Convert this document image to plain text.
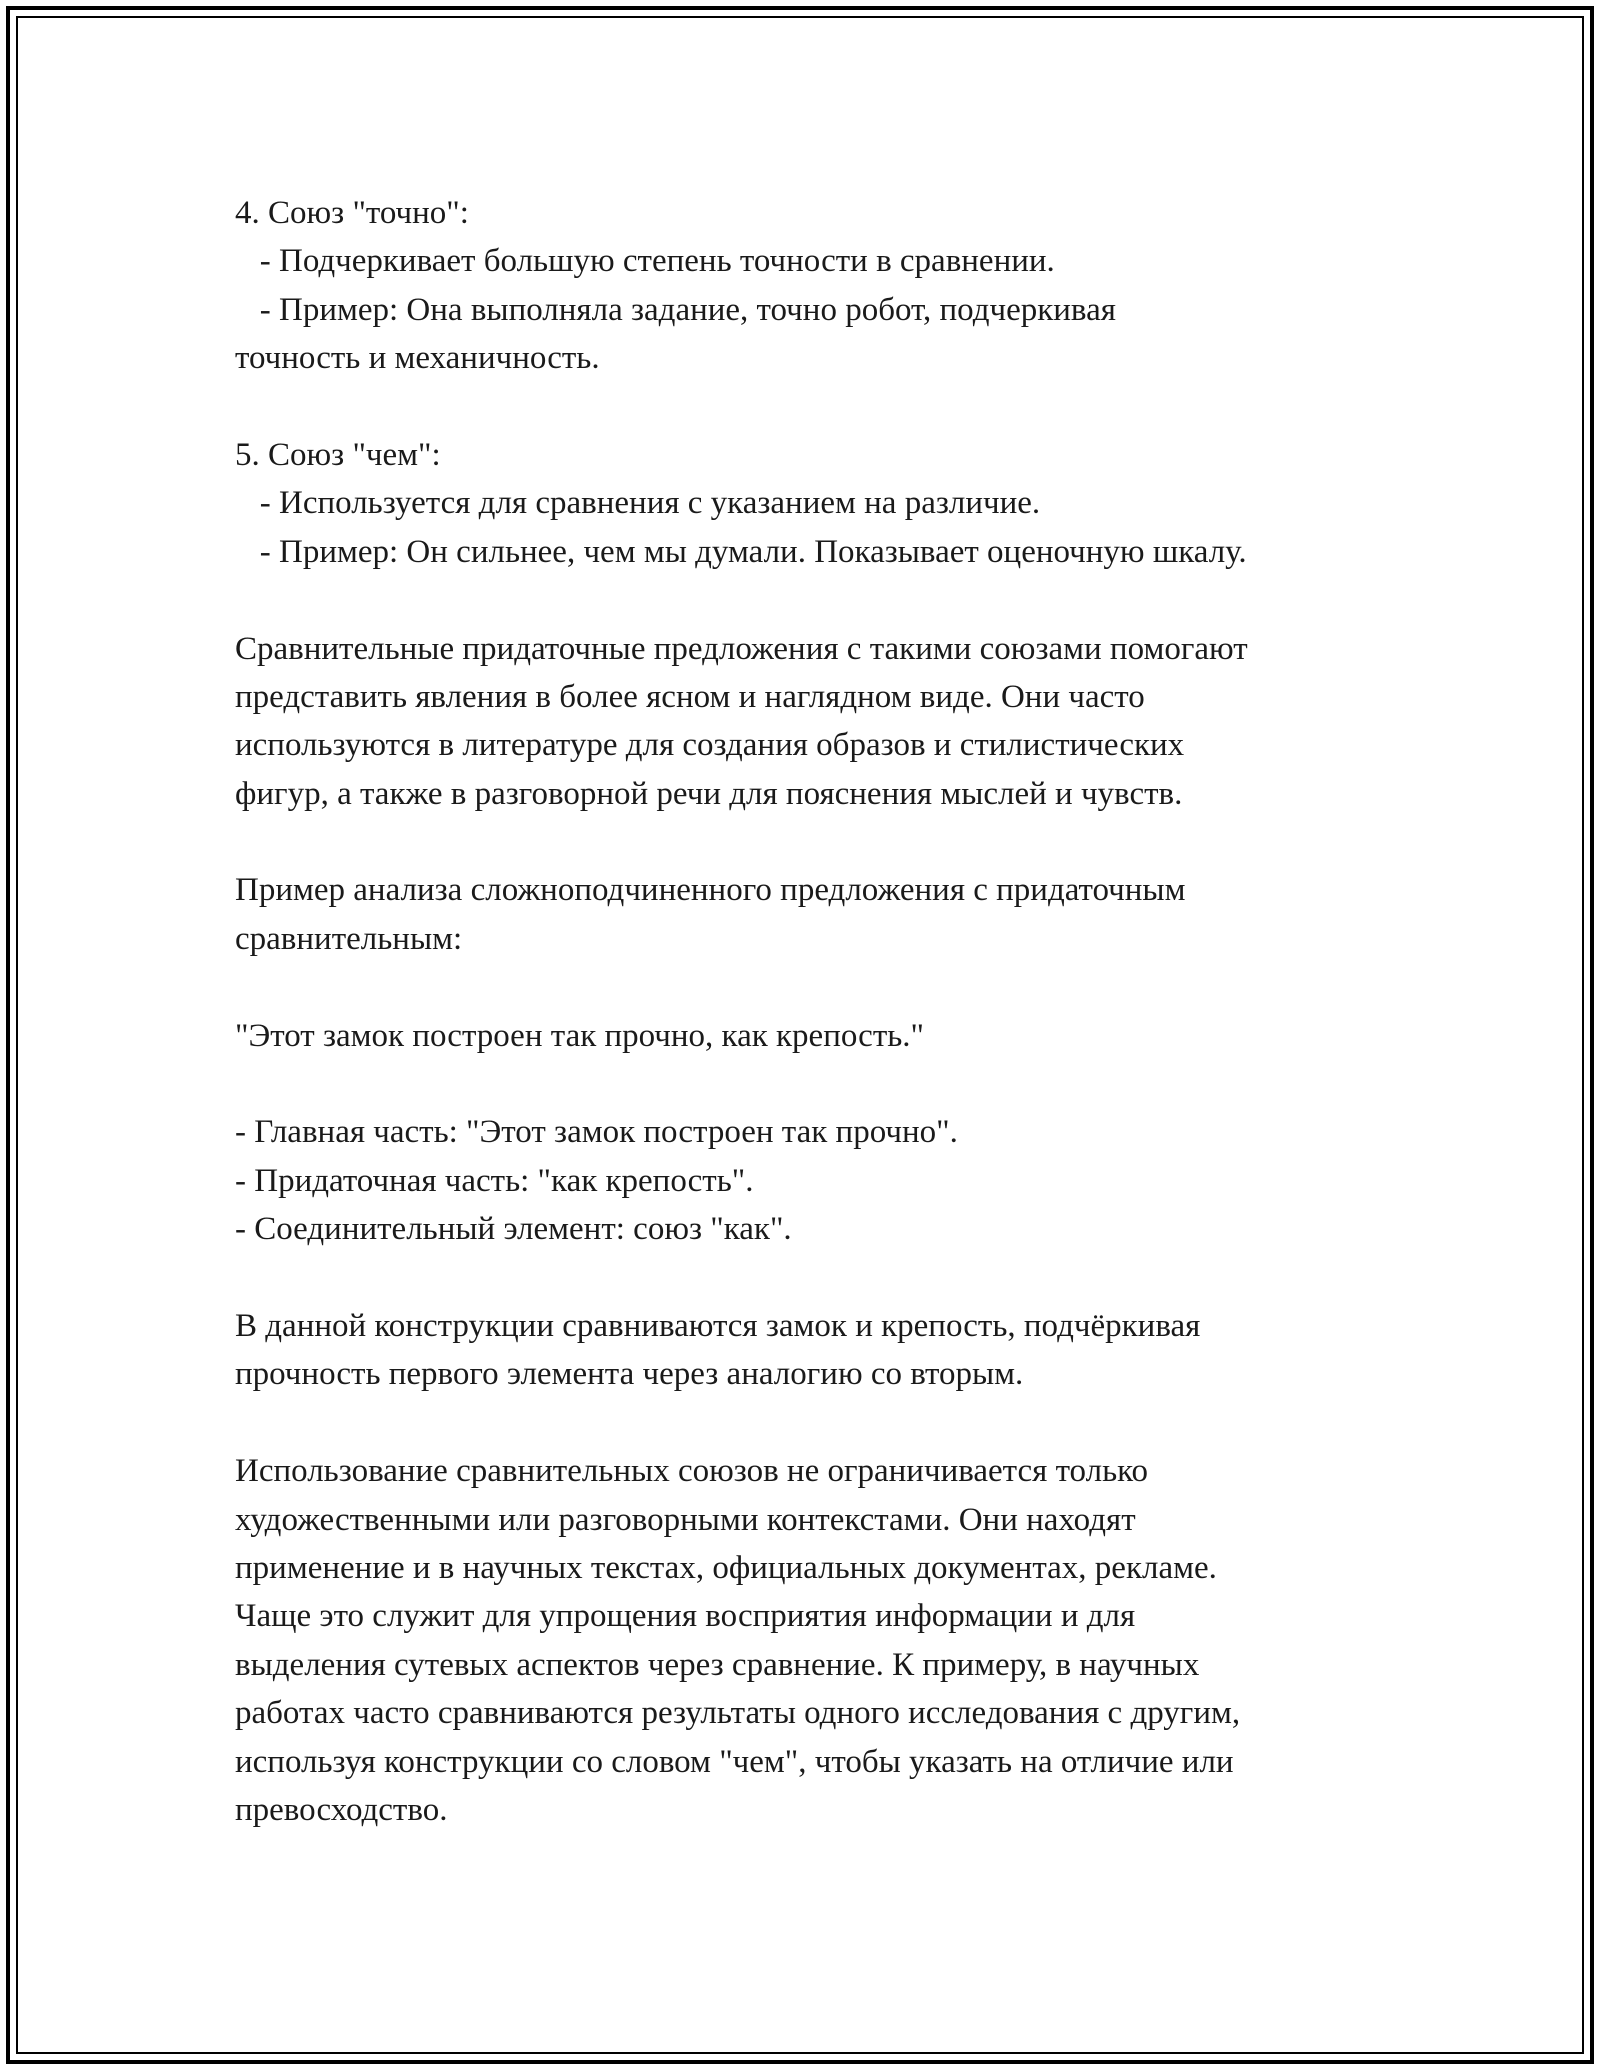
4. Союз "точно":
- Подчеркивает большую степень точности в сравнении.
- Пример: Она выполняла задание, точно робот, подчеркивая
точность и механичность.
5. Союз "чем":
- Используется для сравнения с указанием на различие.
- Пример: Он сильнее, чем мы думали. Показывает оценочную шкалу.
Сравнительные придаточные предложения с такими союзами помогают
представить явления в более ясном и наглядном виде. Они часто
используются в литературе для создания образов и стилистических
фигур, а также в разговорной речи для пояснения мыслей и чувств.
Пример анализа сложноподчиненного предложения с придаточным
сравнительным:
"Этот замок построен так прочно, как крепость."
- Главная часть: "Этот замок построен так прочно".
- Придаточная часть: "как крепость".
- Соединительный элемент: союз "как".
В данной конструкции сравниваются замок и крепость, подчёркивая
прочность первого элемента через аналогию со вторым.
Использование сравнительных союзов не ограничивается только
художественными или разговорными контекстами. Они находят
применение и в научных текстах, официальных документах, рекламе.
Чаще это служит для упрощения восприятия информации и для
выделения сутевых аспектов через сравнение. К примеру, в научных
работах часто сравниваются результаты одного исследования с другим,
используя конструкции со словом "чем", чтобы указать на отличие или
превосходство.
